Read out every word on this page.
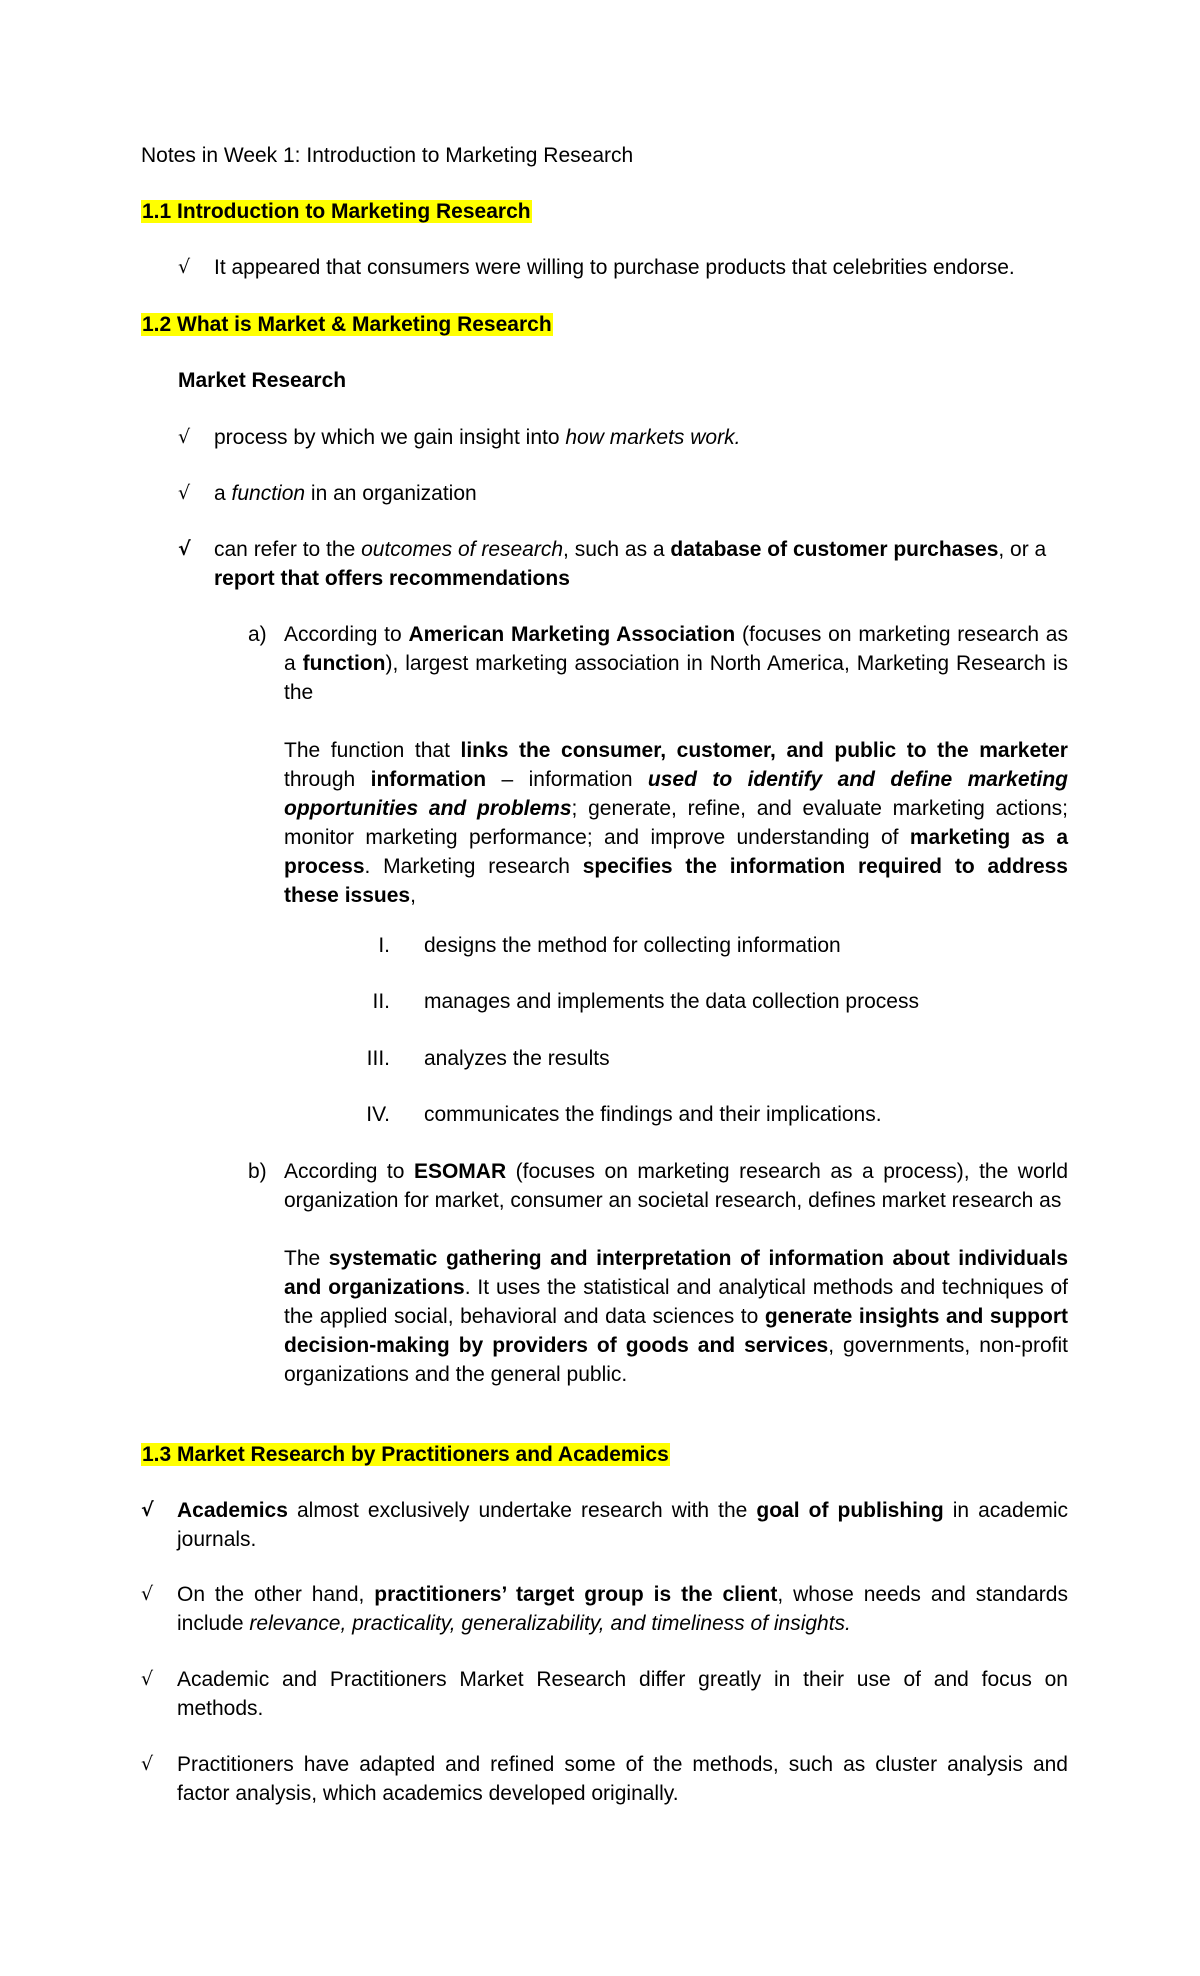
Notes in Week 1: Introduction to Marketing Research
1.1 Introduction to Marketing Research
√ It appeared that consumers were willing to purchase products that celebrities endorse.
1.2 What is Market & Marketing Research
Market Research
√ process by which we gain insight into how markets work.
√ a function in an organization
√ can refer to the outcomes of research, such as a database of customer purchases, or a report that offers recommendations
a) According to American Marketing Association (focuses on marketing research as a function), largest marketing association in North America, Marketing Research is the
The function that links the consumer, customer, and public to the marketer through information – information used to identify and define marketing opportunities and problems; generate, refine, and evaluate marketing actions; monitor marketing performance; and improve understanding of marketing as a process. Marketing research specifies the information required to address these issues,
I. designs the method for collecting information
II. manages and implements the data collection process
III. analyzes the results
IV. communicates the findings and their implications.
b) According to ESOMAR (focuses on marketing research as a process), the world organization for market, consumer an societal research, defines market research as
The systematic gathering and interpretation of information about individuals and organizations. It uses the statistical and analytical methods and techniques of the applied social, behavioral and data sciences to generate insights and support decision-making by providers of goods and services, governments, non-profit organizations and the general public.
1.3 Market Research by Practitioners and Academics
√ Academics almost exclusively undertake research with the goal of publishing in academic journals.
√ On the other hand, practitioners’ target group is the client, whose needs and standards include relevance, practicality, generalizability, and timeliness of insights.
√ Academic and Practitioners Market Research differ greatly in their use of and focus on methods.
√ Practitioners have adapted and refined some of the methods, such as cluster analysis and factor analysis, which academics developed originally.
